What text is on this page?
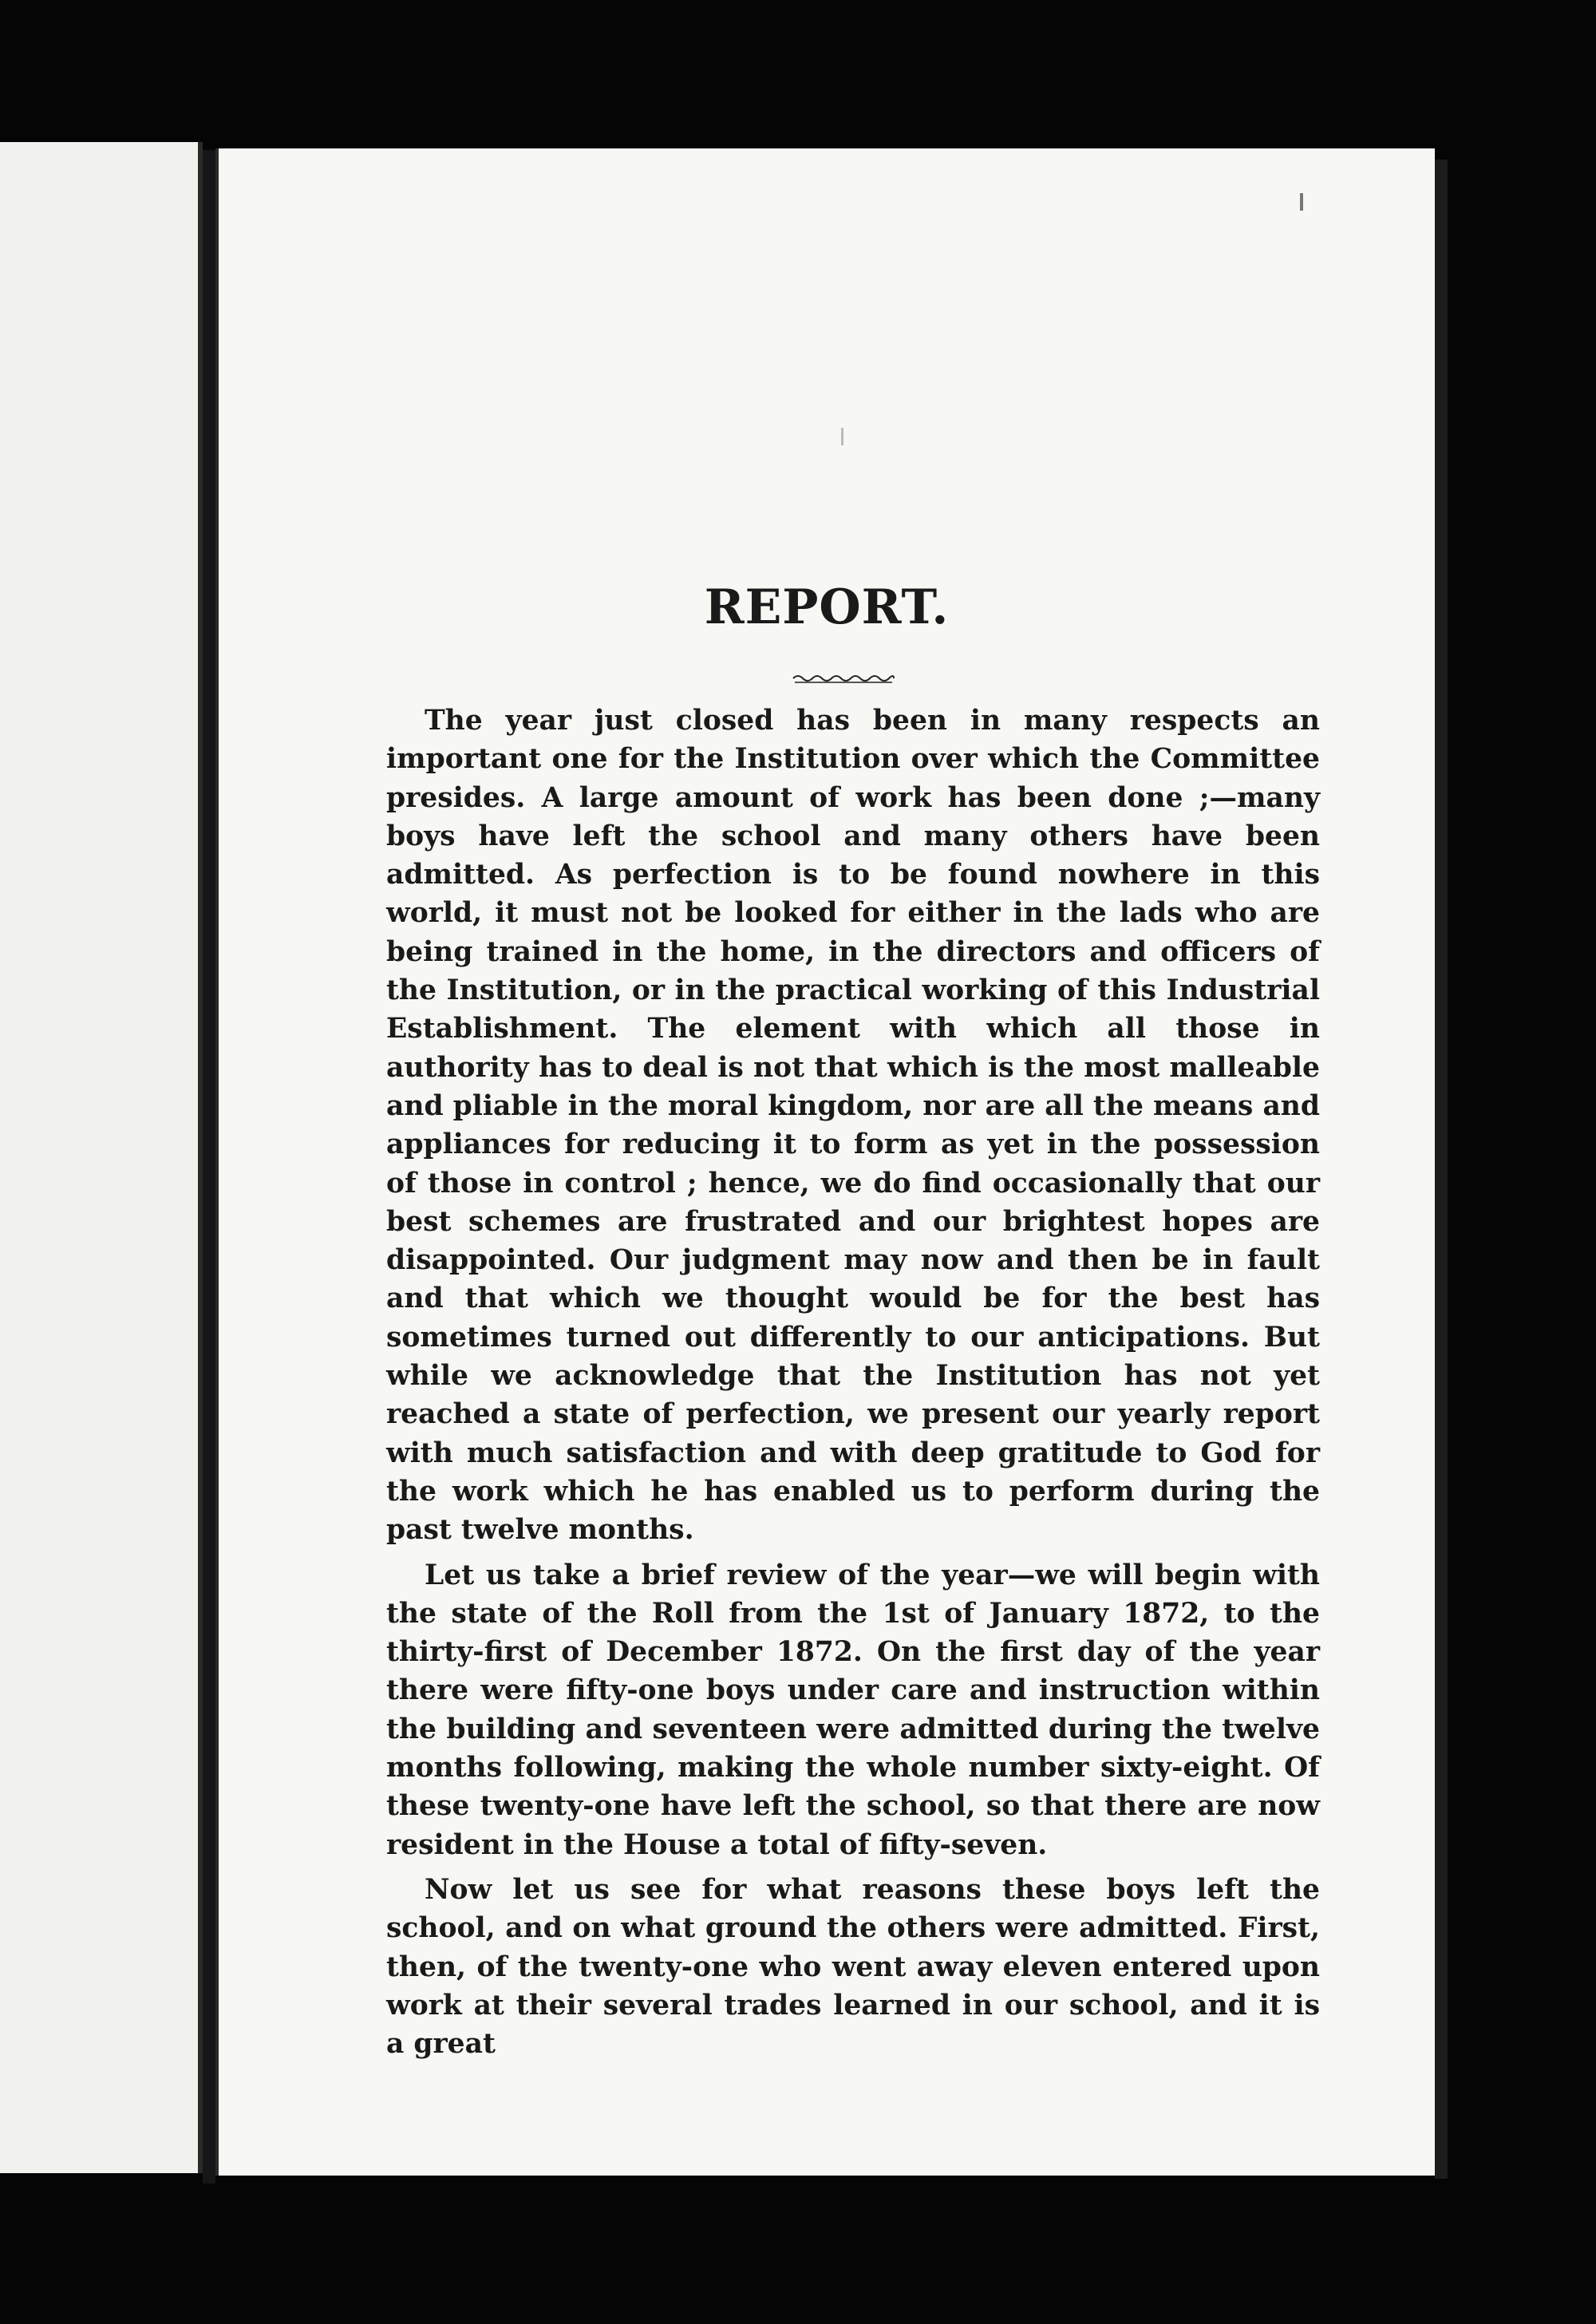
REPORT.

The year just closed has been in many respects an important one for the Institution over which the Committee presides. A large amount of work has been done ;—many boys have left the school and many others have been admitted. As perfection is to be found nowhere in this world, it must not be looked for either in the lads who are being trained in the home, in the directors and officers of the Institution, or in the practical working of this Industrial Establishment. The element with which all those in authority has to deal is not that which is the most malleable and pliable in the moral kingdom, nor are all the means and appliances for reducing it to form as yet in the possession of those in control ; hence, we do find occasionally that our best schemes are frustrated and our brightest hopes are disappointed. Our judgment may now and then be in fault and that which we thought would be for the best has sometimes turned out differently to our anticipations. But while we acknowledge that the Institution has not yet reached a state of perfection, we present our yearly report with much satisfaction and with deep gratitude to God for the work which he has enabled us to perform during the past twelve months.

Let us take a brief review of the year—we will begin with the state of the Roll from the 1st of January 1872, to the thirty-first of December 1872. On the first day of the year there were fifty-one boys under care and instruction within the building and seventeen were admitted during the twelve months following, making the whole number sixty-eight. Of these twenty-one have left the school, so that there are now resident in the House a total of fifty-seven.

Now let us see for what reasons these boys left the school, and on what ground the others were admitted. First, then, of the twenty-one who went away eleven entered upon work at their several trades learned in our school, and it is a great
